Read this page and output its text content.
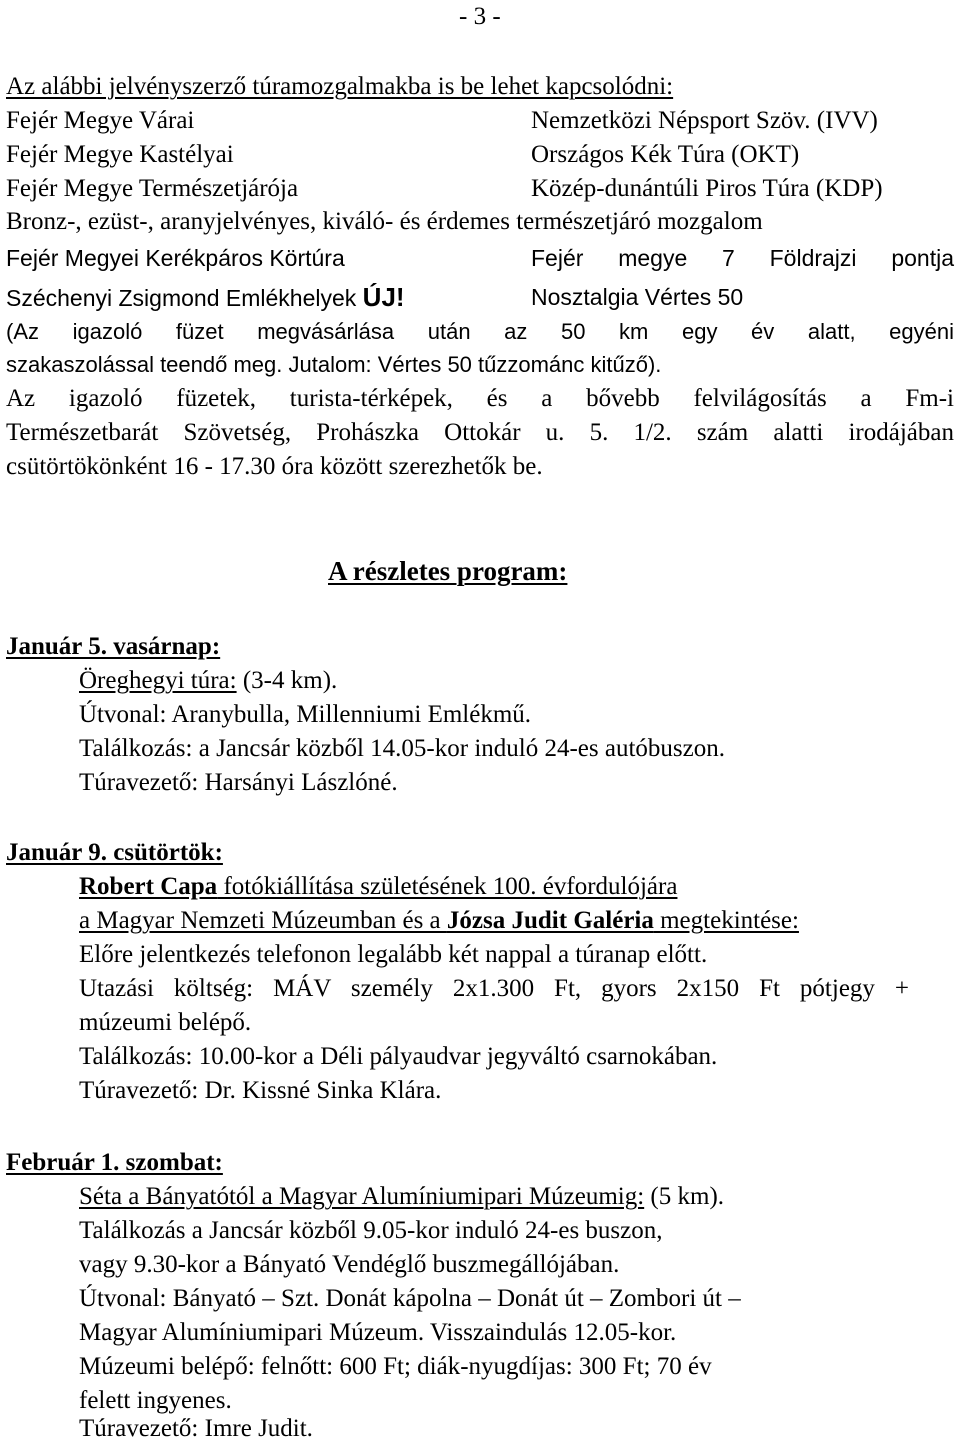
- 3 -
Az alábbi jelvényszerző túramozgalmakba is be lehet kapcsolódni:
Fejér Megye Várai	Nemzetközi Népsport Szöv. (IVV)
Fejér Megye Kastélyai	Országos Kék Túra (OKT)
Fejér Megye Természetjárója	Közép-dunántúli Piros Túra (KDP)
Bronz-, ezüst-, aranyjelvényes, kiváló- és érdemes természetjáró mozgalom
Fejér Megyei Kerékpáros Körtúra	Fejér megye 7 Földrajzi pontja
Széchenyi Zsigmond Emlékhelyek ÚJ!	Nosztalgia Vértes 50
(Az igazoló füzet megvásárlása után az 50 km egy év alatt, egyéni
szakaszolással teendő meg. Jutalom: Vértes 50 tűzzománc kitűző).
Az igazoló füzetek, turista-térképek, és a bővebb felvilágosítás a Fm-i
Természetbarát Szövetség, Prohászka Ottokár u. 5. 1/2. szám alatti irodájában
csütörtökönként 16 - 17.30 óra között szerezhetők be.
A részletes program:
Január 5. vasárnap:
Öreghegyi túra: (3-4 km).
Útvonal: Aranybulla, Millenniumi Emlékmű.
Találkozás: a Jancsár közből 14.05-kor induló 24-es autóbuszon.
Túravezető: Harsányi Lászlóné.
Január 9. csütörtök:
Robert Capa fotókiállítása születésének 100. évfordulójára
a Magyar Nemzeti Múzeumban és a Józsa Judit Galéria megtekintése:
Előre jelentkezés telefonon legalább két nappal a túranap előtt.
Utazási költség: MÁV személy 2x1.300 Ft, gyors 2x150 Ft pótjegy +
múzeumi belépő.
Találkozás: 10.00-kor a Déli pályaudvar jegyváltó csarnokában.
Túravezető: Dr. Kissné Sinka Klára.
Február 1. szombat:
Séta a Bányatótól a Magyar Alumíniumipari Múzeumig: (5 km).
Találkozás a Jancsár közből 9.05-kor induló 24-es buszon,
vagy 9.30-kor a Bányató Vendéglő buszmegállójában.
Útvonal: Bányató – Szt. Donát kápolna – Donát út – Zombori út –
Magyar Alumíniumipari Múzeum. Visszaindulás 12.05-kor.
Múzeumi belépő: felnőtt: 600 Ft; diák-nyugdíjas: 300 Ft; 70 év
felett ingyenes.
Túravezető: Imre Judit.
